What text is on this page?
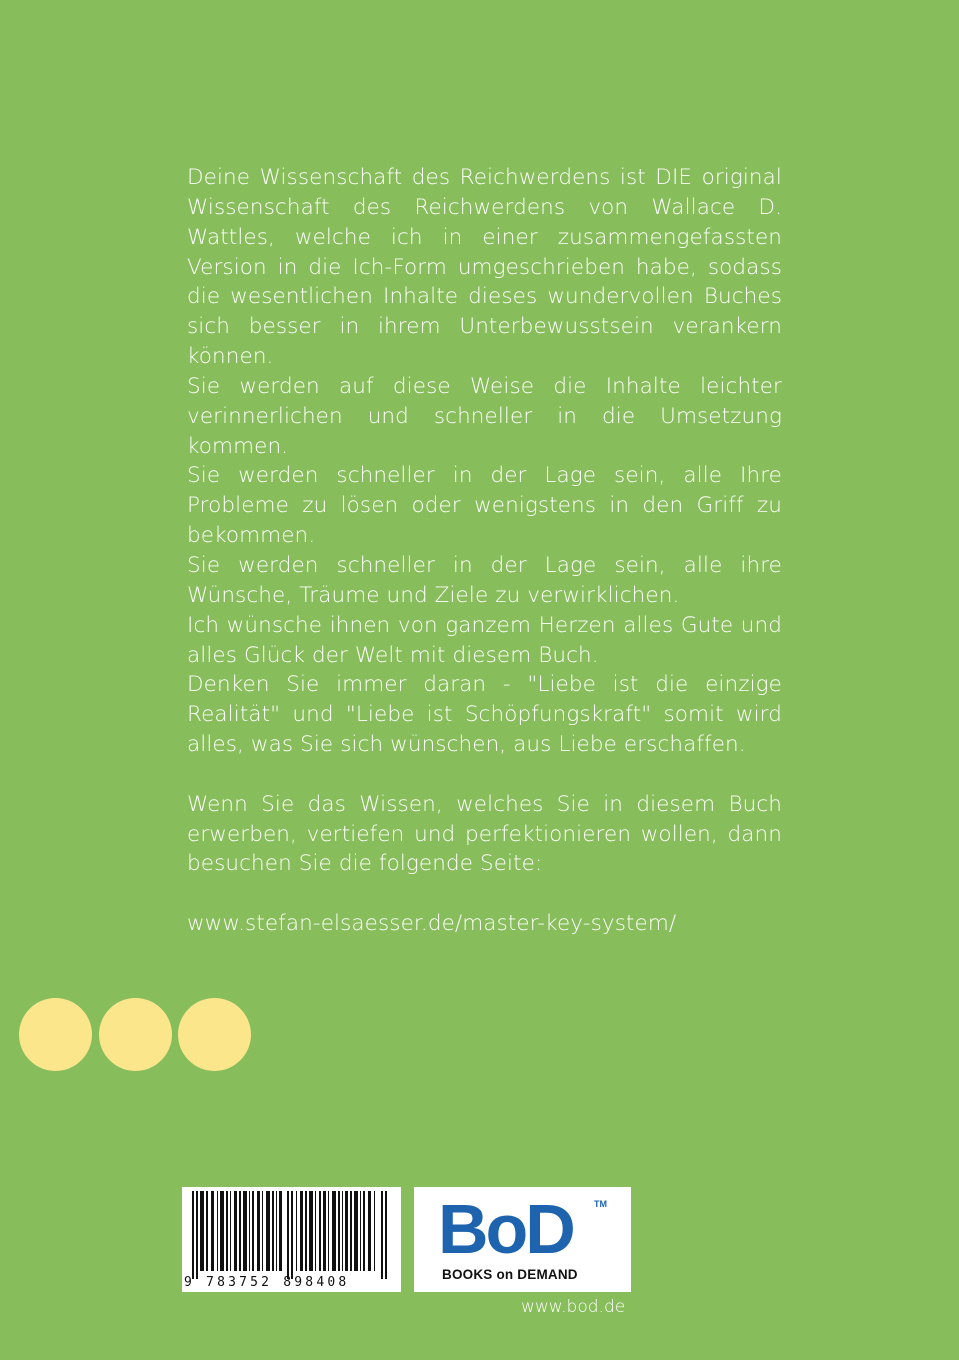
Deine Wissenschaft des Reichwerdens ist DIE original Wissenschaft des Reichwerdens von Wallace D. Wattles, welche ich in einer zusammengefassten Version in die Ich-Form umgeschrieben habe, sodass die wesentlichen Inhalte dieses wundervollen Buches sich besser in ihrem Unterbewusstsein verankern können.

Sie werden auf diese Weise die Inhalte leichter verinnerlichen und schneller in die Umsetzung kommen.

Sie werden schneller in der Lage sein, alle Ihre Probleme zu lösen oder wenigstens in den Griff zu bekommen.

Sie werden schneller in der Lage sein, alle ihre Wünsche, Träume und Ziele zu verwirklichen.

Ich wünsche ihnen von ganzem Herzen alles Gute und alles Glück der Welt mit diesem Buch.

Denken Sie immer daran - "Liebe ist die einzige Realität" und "Liebe ist Schöpfungskraft" somit wird alles, was Sie sich wünschen, aus Liebe erschaffen.

Wenn Sie das Wissen, welches Sie in diesem Buch erwerben, vertiefen und perfektionieren wollen, dann besuchen Sie die folgende Seite:

www.stefan-elsaesser.de/master-key-system/

9 783752 898408
BoD TM
BOOKS on DEMAND
www.bod.de
